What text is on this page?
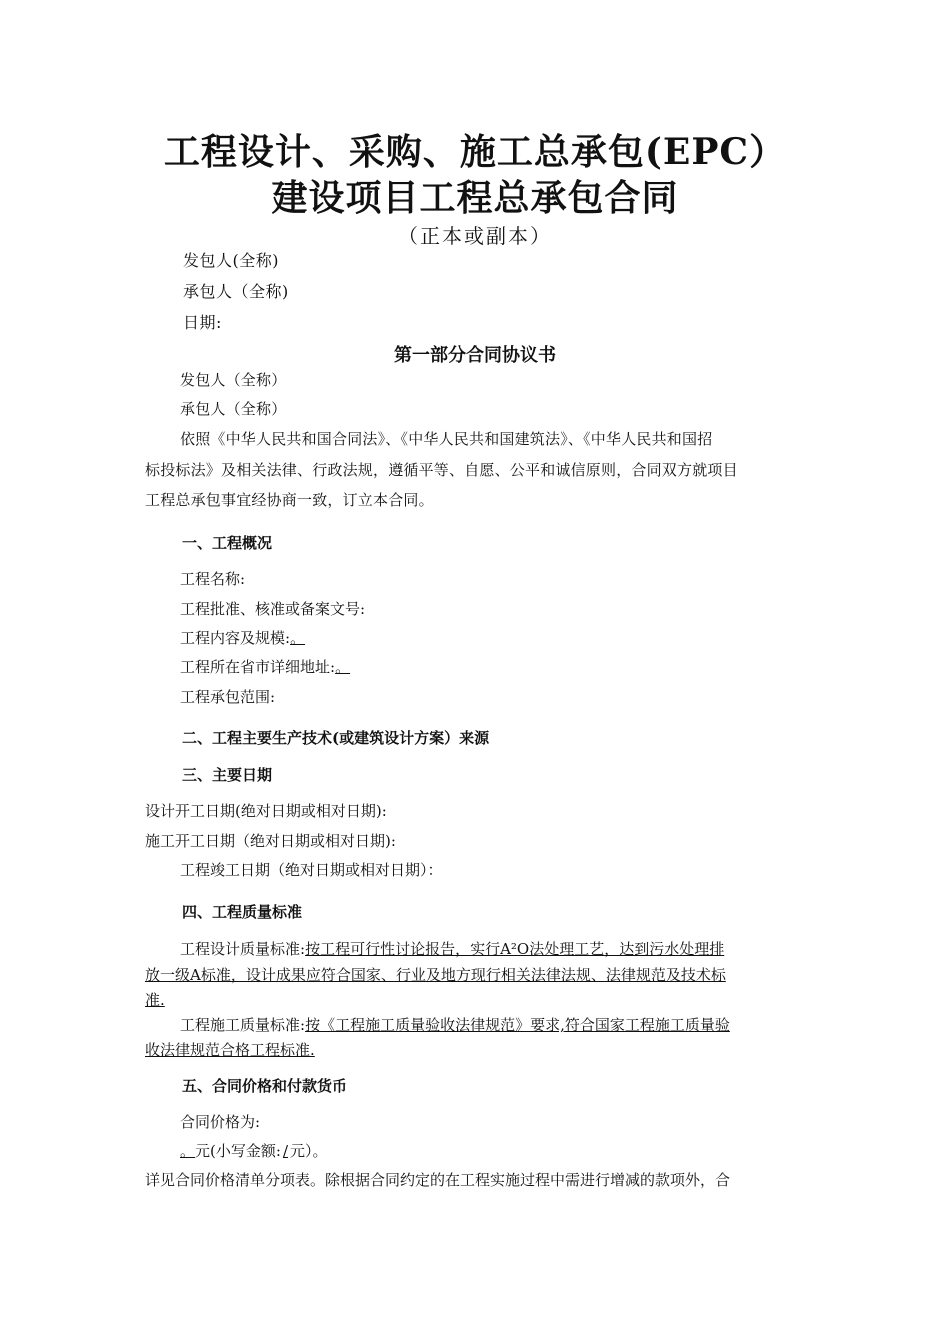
工程设计、采购、施工总承包(EPC）
建设项目工程总承包合同
（正本或副本）
发包人(全称)
承包人（全称)
日期:
第一部分合同协议书
发包人（全称）
承包人（全称）
依照《中华人民共和国合同法》、《中华人民共和国建筑法》、《中华人民共和国招
标投标法》及相关法律、行政法规，遵循平等、自愿、公平和诚信原则，合同双方就项目
工程总承包事宜经协商一致，订立本合同。
一、工程概况
工程名称:
工程批准、核准或备案文号:
工程内容及规模:。
工程所在省市详细地址:。
工程承包范围:
二、工程主要生产技术(或建筑设计方案）来源
三、主要日期
设计开工日期(绝对日期或相对日期):
施工开工日期（绝对日期或相对日期):
工程竣工日期（绝对日期或相对日期）：
四、工程质量标准
工程设计质量标准:按工程可行性讨论报告，实行A²O法处理工艺，达到污水处理排
放一级A标准，设计成果应符合国家、行业及地方现行相关法律法规、法律规范及技术标
准.
工程施工质量标准:按《工程施工质量验收法律规范》要求,符合国家工程施工质量验
收法律规范合格工程标准.
五、合同价格和付款货币
合同价格为:
。元(小写金额: / 元）。
详见合同价格清单分项表。除根据合同约定的在工程实施过程中需进行增减的款项外，合
